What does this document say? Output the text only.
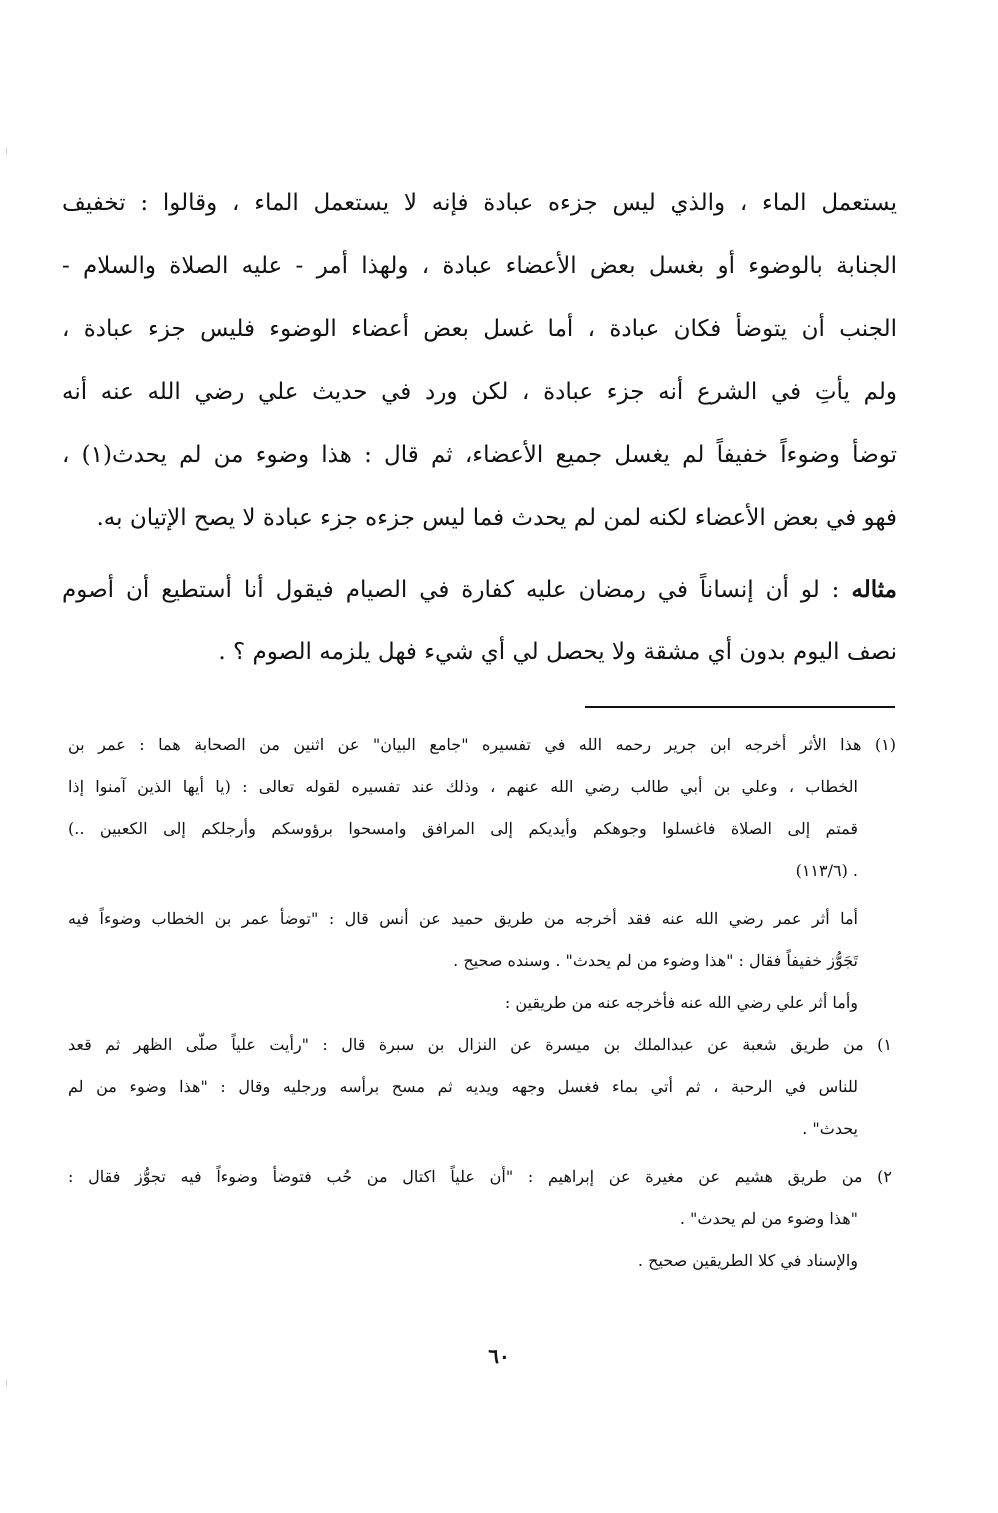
يستعمل الماء ، والذي ليس جزءه عبادة فإنه لا يستعمل الماء ، وقالوا : تخفيف
الجنابة بالوضوء أو بغسل بعض الأعضاء عبادة ، ولهذا أمر - عليه الصلاة والسلام -
الجنب أن يتوضأ فكان عبادة ، أما غسل بعض أعضاء الوضوء فليس جزء عبادة ،
ولم يأتِ في الشرع أنه جزء عبادة ، لكن ورد في حديث علي رضي الله عنه أنه
توضأ وضوءاً خفيفاً لم يغسل جميع الأعضاء، ثم قال : هذا وضوء من لم يحدث(١) ،
فهو في بعض الأعضاء لكنه لمن لم يحدث فما ليس جزءه جزء عبادة لا يصح الإتيان به.
مثاله : لو أن إنساناً في رمضان عليه كفارة في الصيام فيقول أنا أستطيع أن أصوم
نصف اليوم بدون أي مشقة ولا يحصل لي أي شيء فهل يلزمه الصوم ؟ .
(١) هذا الأثر أخرجه ابن جرير رحمه الله في تفسيره "جامع البيان" عن اثنين من الصحابة هما : عمر بن
الخطاب ، وعلي بن أبي طالب رضي الله عنهم ، وذلك عند تفسيره لقوله تعالى : (يا أيها الذين آمنوا إذا
قمتم إلى الصلاة فاغسلوا وجوهكم وأيديكم إلى المرافق وامسحوا برؤوسكم وأرجلكم إلى الكعبين ..)
. (١١٣/٦)
أما أثر عمر رضي الله عنه فقد أخرجه من طريق حميد عن أنس قال : "توضأ عمر بن الخطاب وضوءاً فيه
تَجَوُّز خفيفاً فقال : "هذا وضوء من لم يحدث" . وسنده صحيح .
وأما أثر علي رضي الله عنه فأخرجه عنه من طريقين :
١) من طريق شعبة عن عبدالملك بن ميسرة عن النزال بن سبرة قال : "رأيت علياً صلّى الظهر ثم قعد
للناس في الرحبة ، ثم أتي بماء فغسل وجهه ويديه ثم مسح برأسه ورجليه وقال : "هذا وضوء من لم
يحدث" .
٢) من طريق هشيم عن مغيرة عن إبراهيم : "أن علياً اكتال من حُب فتوضأ وضوءاً فيه تجوُّز فقال :
"هذا وضوء من لم يحدث" .
والإسناد في كلا الطريقين صحيح .
٦٠
